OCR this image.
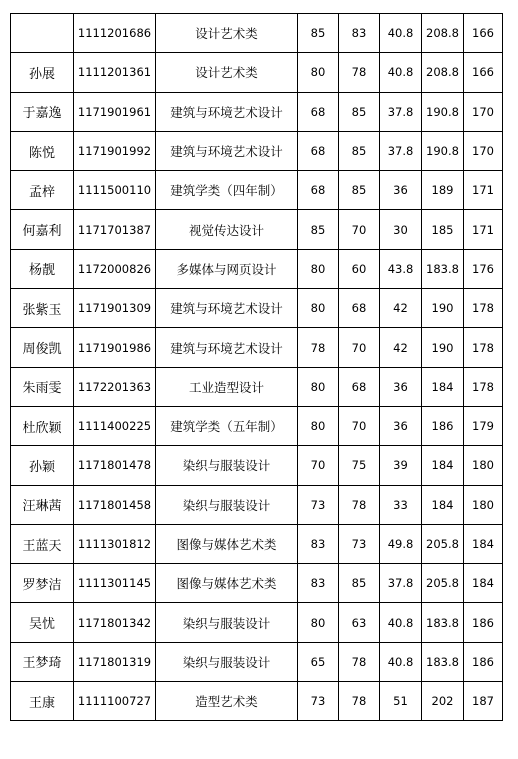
	1111201686	设计艺术类	85	83	40.8	208.8	166
孙展	1111201361	设计艺术类	80	78	40.8	208.8	166
于嘉逸	1171901961	建筑与环境艺术设计	68	85	37.8	190.8	170
陈悦	1171901992	建筑与环境艺术设计	68	85	37.8	190.8	170
孟梓	1111500110	建筑学类（四年制）	68	85	36	189	171
何嘉利	1171701387	视觉传达设计	85	70	30	185	171
杨靓	1172000826	多媒体与网页设计	80	60	43.8	183.8	176
张紫玉	1171901309	建筑与环境艺术设计	80	68	42	190	178
周俊凯	1171901986	建筑与环境艺术设计	78	70	42	190	178
朱雨雯	1172201363	工业造型设计	80	68	36	184	178
杜欣颖	1111400225	建筑学类（五年制）	80	70	36	186	179
孙颖	1171801478	染织与服装设计	70	75	39	184	180
汪琳茜	1171801458	染织与服装设计	73	78	33	184	180
王蓝天	1111301812	图像与媒体艺术类	83	73	49.8	205.8	184
罗梦洁	1111301145	图像与媒体艺术类	83	85	37.8	205.8	184
吴忧	1171801342	染织与服装设计	80	63	40.8	183.8	186
王梦琦	1171801319	染织与服装设计	65	78	40.8	183.8	186
王康	1111100727	造型艺术类	73	78	51	202	187
